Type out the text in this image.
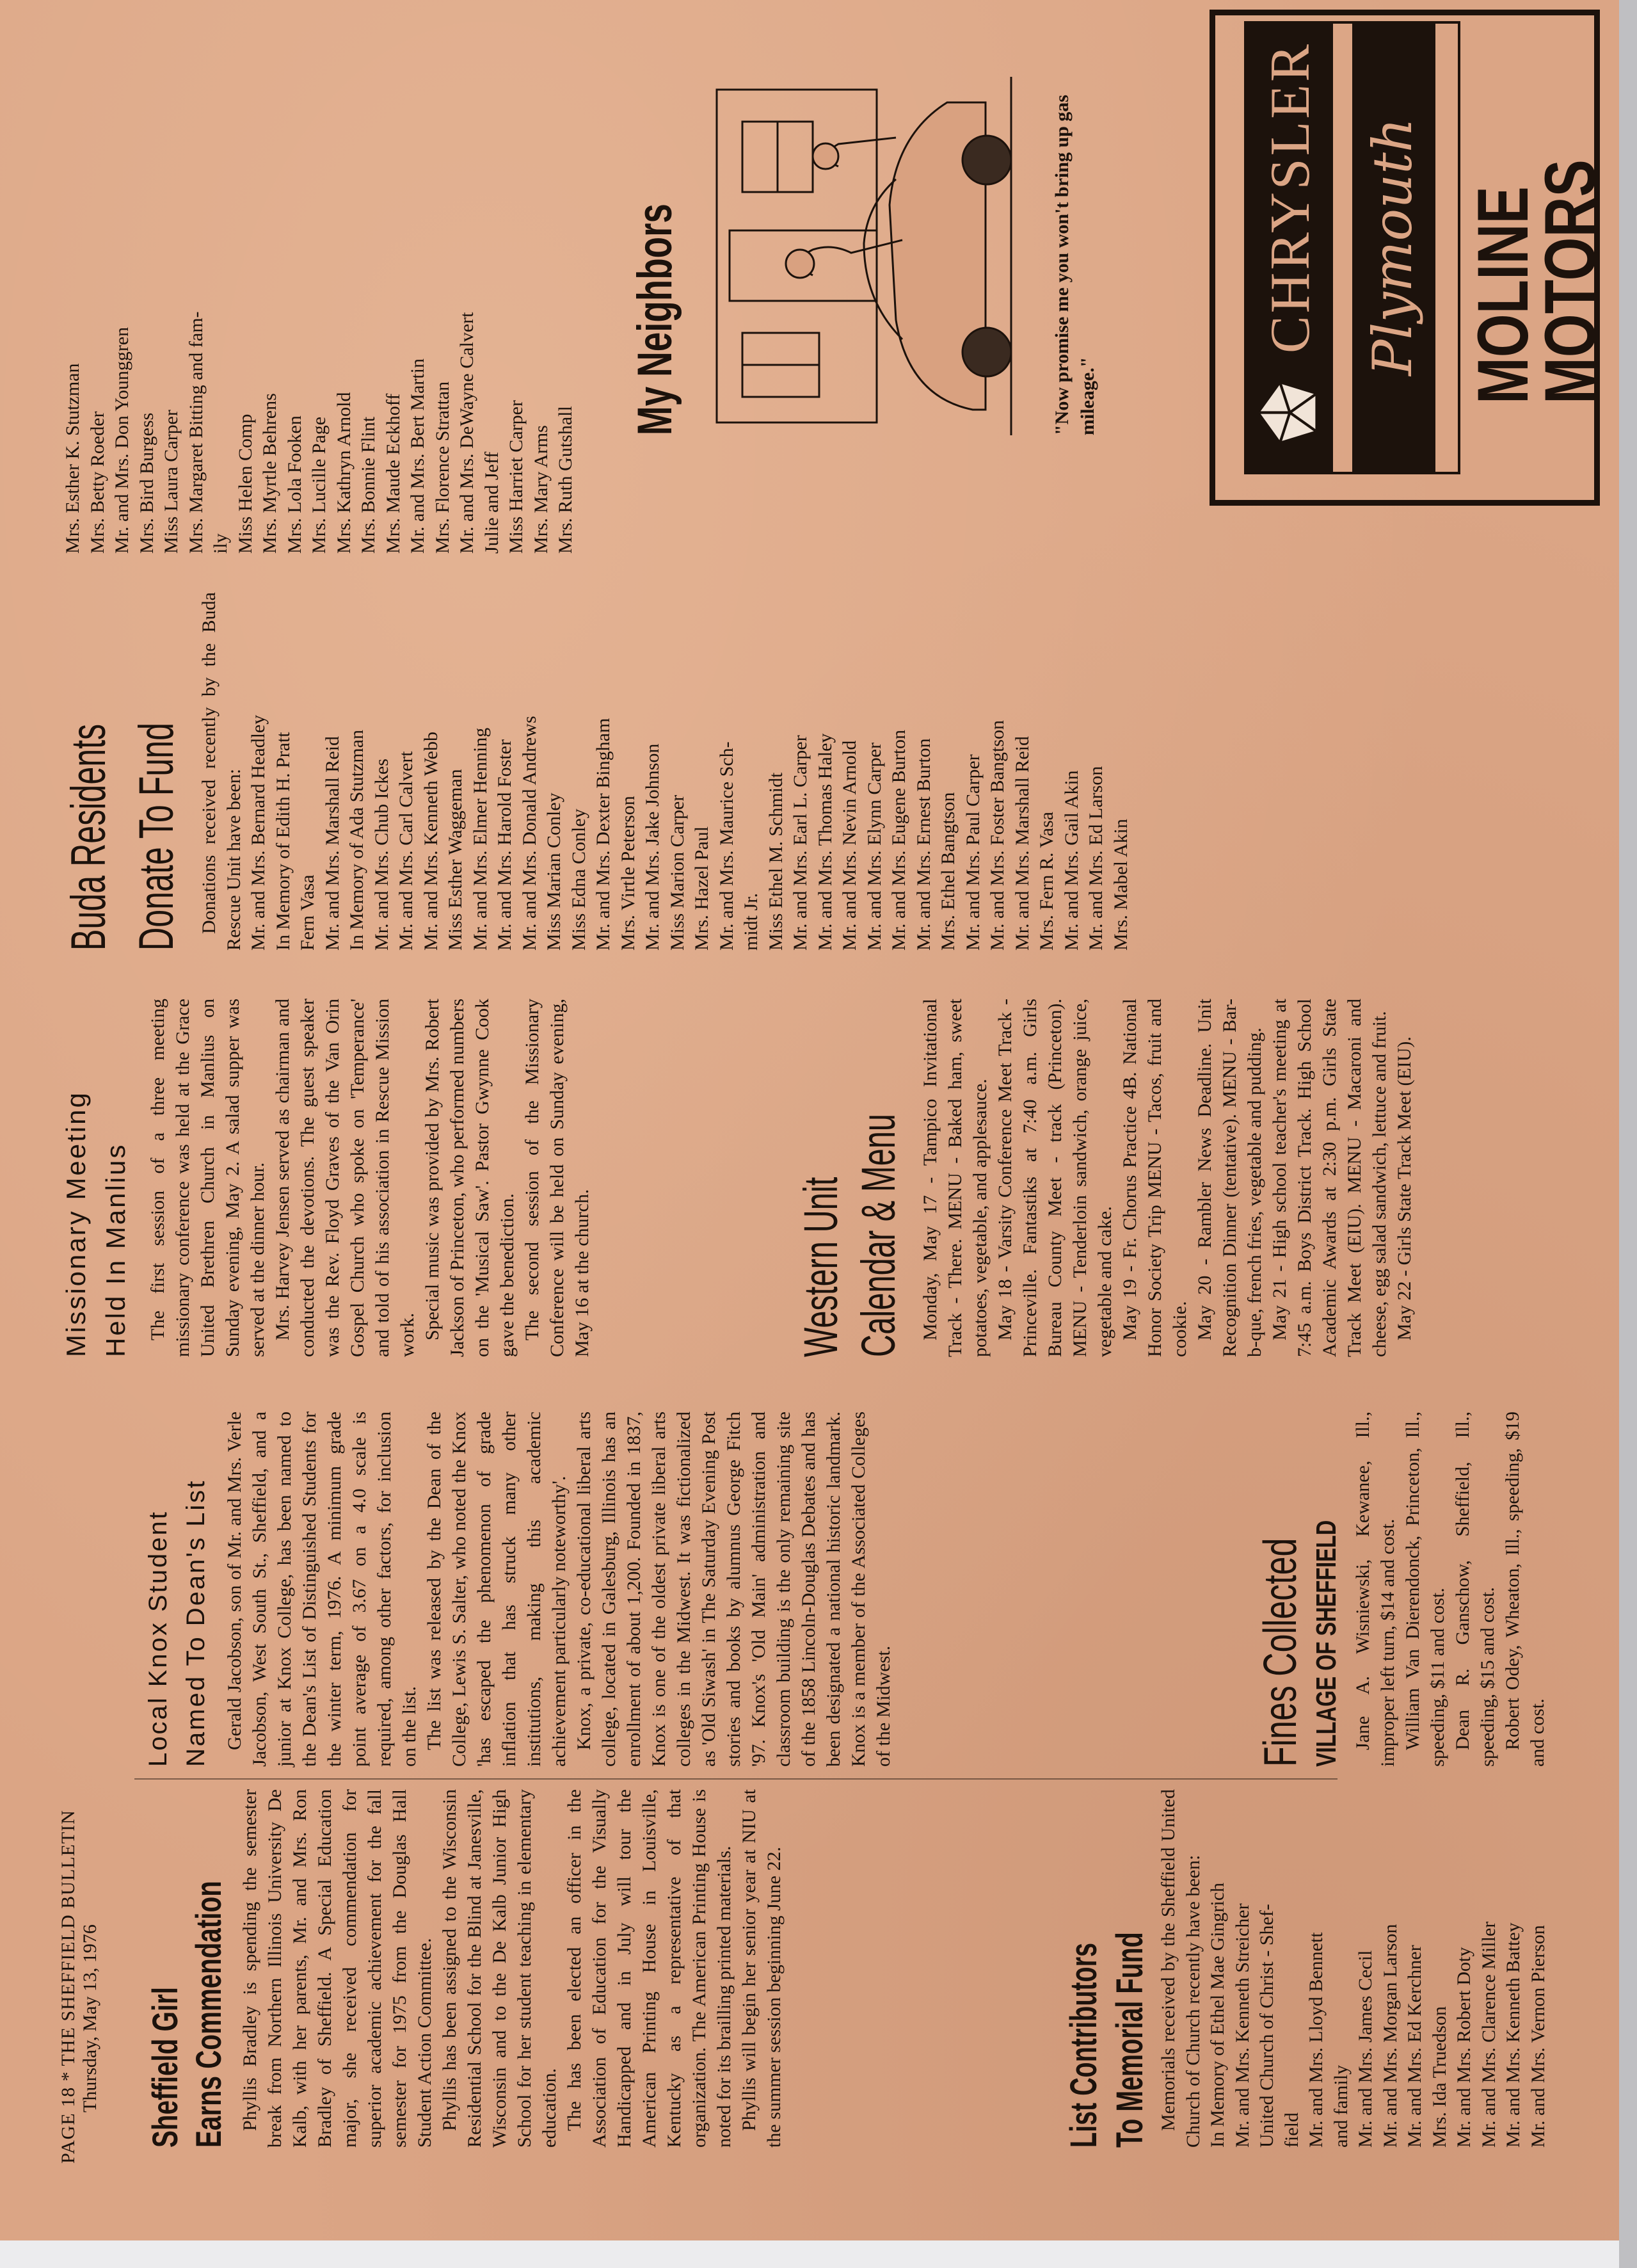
PAGE 18 * THE SHEFFIELD BULLETIN Thursday, May 13, 1976 Sheffield Girl Earns Commendation Phyllis Bradley is spending the semester break from Northern Illinois University De Kalb, with her parents, Mr. and Mrs. Ron Bradley of Sheffield. A Special Education major, she received commendation for superior academic achievement for the fall semester for 1975 from the Douglas Hall Student Action Committee. Phyllis has been assigned to the Wisconsin Residential School for the Blind at Janesville, Wisconsin and to the De Kalb Junior High School for her student teaching in elementary education. The has been elected an officer in the Association of Education for the Visually Handicapped and in July will tour the American Printing House in Louisville, Kentucky as a representative of that organization. The American Printing House is noted for its brailling printed materials. Phyllis will begin her senior year at NIU at the summer session beginning June 22.	List Contributors To Memorial Fund Memorials received by the Sheffield United Church of Church recently have been: In Memory of Ethel Mae Gingrich Mr. and Mrs. Kenneth Streicher United Church of Christ - Shef- field Mr. and Mrs. Lloyd Bennett and family Mr. and Mrs. James Cecil Mr. and Mrs. Morgan Larson Mr. and Mrs. Ed Kerchner Mrs. Ida Truedson Mr. and Mrs. Robert Doty Mr. and Mrs. Clarence Miller Mr. and Mrs. Kenneth Battey Mr. and Mrs. Vernon Pierson
Local Knox Student Named To Dean's List Gerald Jacobson, son of Mr. and Mrs. Verle Jacobson, West South St., Sheffield, and a junior at Knox College, has been named to the Dean's List of Distinguished Students for the winter term, 1976. A minimum grade point average of 3.67 on a 4.0 scale is required, among other factors, for inclusion on the list. The list was released by the Dean of the College, Lewis S. Salter, who noted the Knox 'has escaped the phenomenon of grade inflation that has struck many other institutions, making this academic achievement particularly noteworthy'. Knox, a private, co-educational liberal arts college, located in Galesburg, Illinois has an enrollment of about 1,200. Founded in 1837, Knox is one of the oldest private liberal arts colleges in the Midwest. It was fictionalized as 'Old Siwash' in The Saturday Evening Post stories and books by alumnus George Fitch '97. Knox's 'Old Main' administration and classroom building is the only remaining site of the 1858 Lincoln-Douglas Debates and has been designated a national historic landmark. Knox is a member of the Associated Colleges of the Midwest.	Fines Collected VILLAGE OF SHEFFIELD Jane A. Wisniewski, Kewanee, Ill., improper left turn, $14 and cost. William Van Dierendonck, Princeton, Ill., speeding, $11 and cost. Dean R. Ganschow, Sheffield, Ill., speeding, $15 and cost. Robert Odey, Wheaton, Ill., speeding, $19 and cost.

Missionary Meeting Held In Manlius The first session of a three meeting missionary conference was held at the Grace United Brethren Church in Manlius on Sunday evening, May 2. A salad supper was served at the dinner hour. Mrs. Harvey Jensen served as chairman and conducted the devotions. The guest speaker was the Rev. Floyd Graves of the Van Orin Gospel Church who spoke on 'Temperance' and told of his association in Rescue Mission work. Special music was provided by Mrs. Robert Jackson of Princeton, who performed numbers on the 'Musical Saw'. Pastor Gwynne Cook gave the benediction. The second session of the Missionary Conference will be held on Sunday evening, May 16 at the church.	Western Unit Calendar & Menu Monday, May 17 - Tampico Invitational Track - There. MENU - Baked ham, sweet potatoes, vegetable, and applesauce. May 18 - Varsity Conference Meet Track - Princeville. Fantastiks at 7:40 a.m. Girls Bureau County Meet - track (Princeton). MENU - Tenderloin sandwich, orange juice, vegetable and cake. May 19 - Fr. Chorus Practice 4B. National Honor Society Trip MENU - Tacos, fruit and cookie. May 20 - Rambler News Deadline. Unit Recognition Dinner (tentative). MENU - Bar-b-que, french fries, vegetable and pudding. May 21 - High school teacher's meeting at 7:45 a.m. Boys District Track. High School Academic Awards at 2:30 p.m. Girls State Track Meet (EIU). MENU - Macaroni and cheese, egg salad sandwich, lettuce and fruit. May 22 - Girls State Track Meet (EIU).

Buda Residents Donate To Fund Donations received recently by the Buda Rescue Unit have been: Mr. and Mrs. Bernard Headley In Memory of Edith H. Pratt Fern Vasa Mr. and Mrs. Marshall Reid In Memory of Ada Stutzman Mr. and Mrs. Chub Ickes Mr. and Mrs. Carl Calvert Mr. and Mrs. Kenneth Webb Miss Esther Waggeman Mr. and Mrs. Elmer Henning Mr. and Mrs. Harold Foster Mr. and Mrs. Donald Andrews Miss Marian Conley Miss Edna Conley Mr. and Mrs. Dexter Bingham Mrs. Virtle Peterson Mr. and Mrs. Jake Johnson Miss Marion Carper Mrs. Hazel Paul Mr. and Mrs. Maurice Sch- midt Jr. Miss Ethel M. Schmidt Mr. and Mrs. Earl L. Carper Mr. and Mrs. Thomas Haley Mr. and Mrs. Nevin Arnold Mr. and Mrs. Elynn Carper Mr. and Mrs. Eugene Burton Mr. and Mrs. Ernest Burton Mrs. Ethel Bangtson Mr. and Mrs. Paul Carper Mr. and Mrs. Foster Bangtson Mr. and Mrs. Marshall Reid Mrs. Fern R. Vasa Mr. and Mrs. Gail Akin Mr. and Mrs. Ed Larson Mrs. Mabel Akin
Mrs. Esther K. Stutzman Mrs. Betty Roeder Mr. and Mrs. Don Younggren Mrs. Bird Burgess Miss Laura Carper Mrs. Margaret Bitting and fam- ily Miss Helen Comp Mrs. Myrtle Behrens Mrs. Lola Fooken Mrs. Lucille Page Mrs. Kathryn Arnold Mrs. Bonnie Flint Mrs. Maude Eckhoff Mr. and Mrs. Bert Martin Mrs. Florence Strattan Mr. and Mrs. DeWayne Calvert Julie and Jeff Miss Harriet Carper Mrs. Mary Arms Mrs. Ruth Gutshall
My Neighbors	"Now promise me you won't bring up gas mileage."
CHRYSLER Plymouth MOLINE
MOTORS
